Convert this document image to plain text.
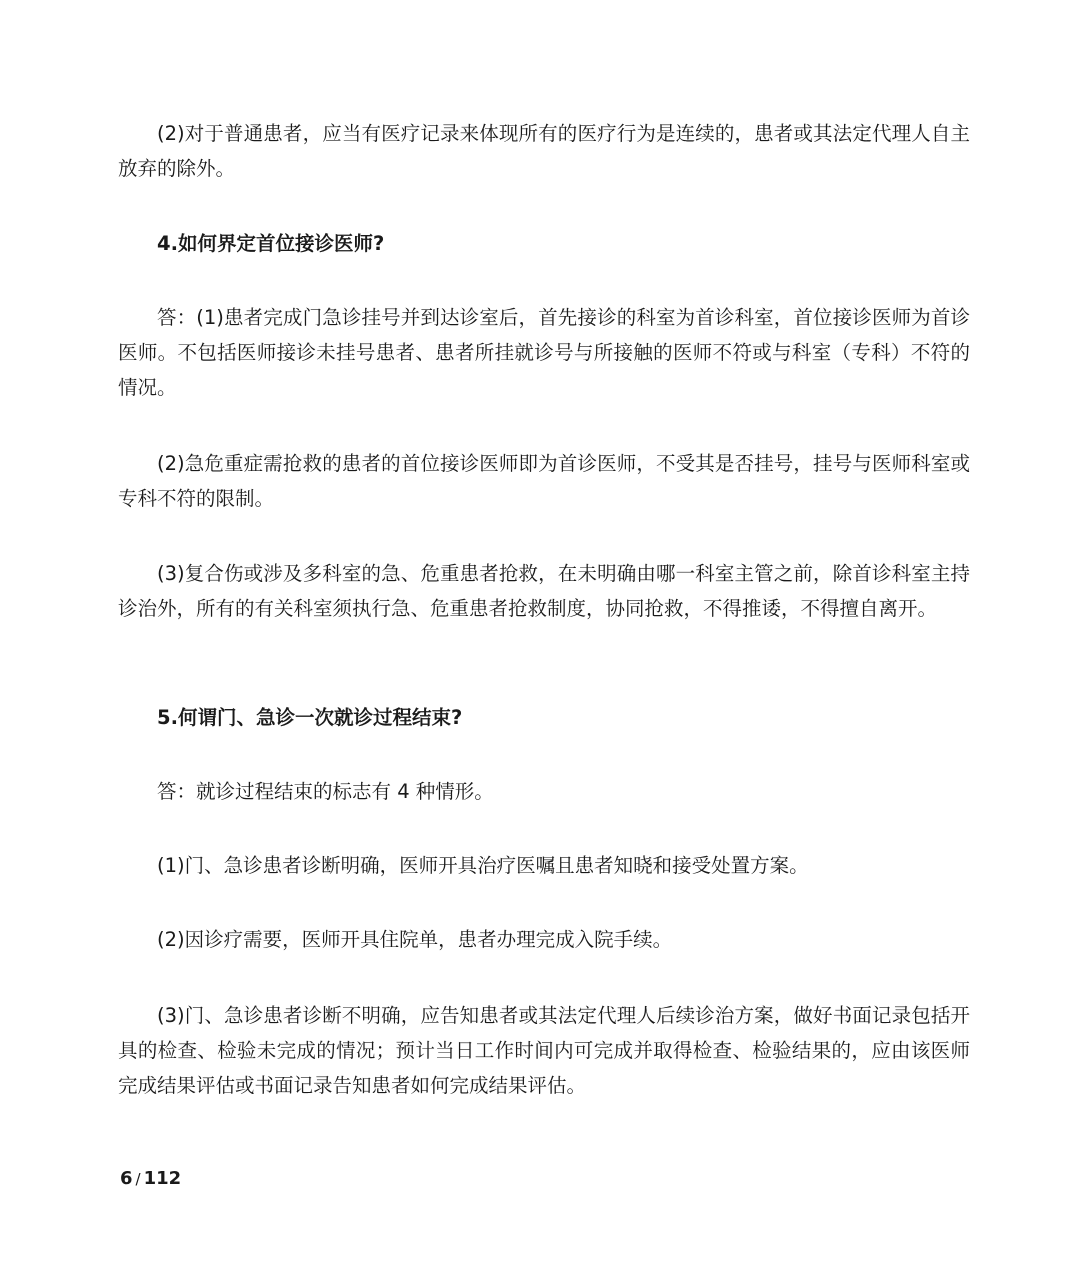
(2)对于普通患者，应当有医疗记录来体现所有的医疗行为是连续的，患者或其法定代理人自主放弃的除外。

4.如何界定首位接诊医师?

答：(1)患者完成门急诊挂号并到达诊室后，首先接诊的科室为首诊科室，首位接诊医师为首诊医师。不包括医师接诊未挂号患者、患者所挂就诊号与所接触的医师不符或与科室（专科）不符的情况。

(2)急危重症需抢救的患者的首位接诊医师即为首诊医师，不受其是否挂号，挂号与医师科室或专科不符的限制。

(3)复合伤或涉及多科室的急、危重患者抢救，在未明确由哪一科室主管之前，除首诊科室主持诊治外，所有的有关科室须执行急、危重患者抢救制度，协同抢救，不得推诿，不得擅自离开。

5.何谓门、急诊一次就诊过程结束?

答：就诊过程结束的标志有 4 种情形。

(1)门、急诊患者诊断明确，医师开具治疗医嘱且患者知晓和接受处置方案。

(2)因诊疗需要，医师开具住院单，患者办理完成入院手续。

(3)门、急诊患者诊断不明确，应告知患者或其法定代理人后续诊治方案，做好书面记录包括开具的检查、检验未完成的情况；预计当日工作时间内可完成并取得检查、检验结果的，应由该医师完成结果评估或书面记录告知患者如何完成结果评估。

6 / 112
